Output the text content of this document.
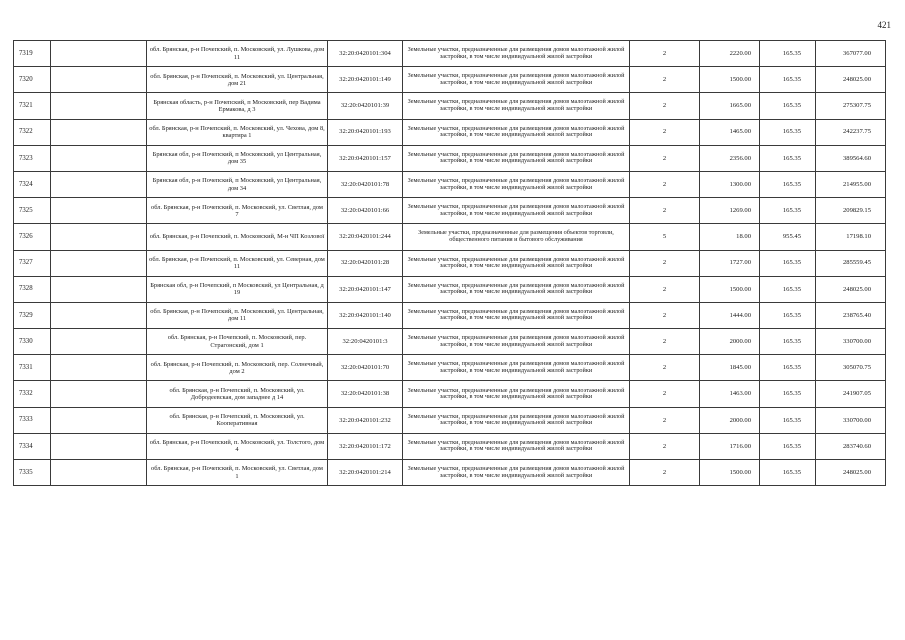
421
7319		обл. Брянская, р-н Почепский, п. Московский, ул. Лушкова, дом 11	32:20:0420101:304	Земельные участки, предназначенные для размещения домов малоэтажной жилой застройки, в том числе индивидуальной жилой застройки	2	2220.00	165.35	367077.00
7320		обл. Брянская, р-н Почепский, п. Московский, ул. Центральная, дом 21	32:20:0420101:149	Земельные участки, предназначенные для размещения домов малоэтажной жилой застройки, в том числе индивидуальной жилой застройки	2	1500.00	165.35	248025.00
7321		Брянская область, р-н Почепский, п Московский, пер Вадима Ермакова, д 3	32:20:0420101:39	Земельные участки, предназначенные для размещения домов малоэтажной жилой застройки, в том числе индивидуальной жилой застройки	2	1665.00	165.35	275307.75
7322		обл. Брянская, р-н Почепский, п. Московский, ул. Чехова, дом 8, квартира 1	32:20:0420101:193	Земельные участки, предназначенные для размещения домов малоэтажной жилой застройки, в том числе индивидуальной жилой застройки	2	1465.00	165.35	242237.75
7323		Брянская обл, р-н Почепский, п Московский, ул Центральная, дом 35	32:20:0420101:157	Земельные участки, предназначенные для размещения домов малоэтажной жилой застройки, в том числе индивидуальной жилой застройки	2	2356.00	165.35	389564.60
7324		Брянская обл, р-н Почепский, п Московский, ул Центральная, дом 34	32:20:0420101:78	Земельные участки, предназначенные для размещения домов малоэтажной жилой застройки, в том числе индивидуальной жилой застройки	2	1300.00	165.35	214955.00
7325		обл. Брянская, р-н Почепский, п. Московский, ул. Светлая, дом 7	32:20:0420101:66	Земельные участки, предназначенные для размещения домов малоэтажной жилой застройки, в том числе индивидуальной жилой застройки	2	1269.00	165.35	209829.15
7326		обл. Брянская, р-н Почепский, п. Московский, М-н ЧП Козлової	32:20:0420101:244	Земельные участки, предназначенные для размещения объектов торговли, общественного питания и бытового обслуживания	5	18.00	955.45	17198.10
7327		обл. Брянская, р-н Почепский, п. Московский, ул. Северная, дом 11	32:20:0420101:28	Земельные участки, предназначенные для размещения домов малоэтажной жилой застройки, в том числе индивидуальной жилой застройки	2	1727.00	165.35	285559.45
7328		Брянская обл, р-н Почепский, п Московский, ул Центральная, д 19	32:20:0420101:147	Земельные участки, предназначенные для размещения домов малоэтажной жилой застройки, в том числе индивидуальной жилой застройки	2	1500.00	165.35	248025.00
7329		обл. Брянская, р-н Почепский, п. Московский, ул. Центральная, дом 11	32:20:0420101:140	Земельные участки, предназначенные для размещения домов малоэтажной жилой застройки, в том числе индивидуальной жилой застройки	2	1444.00	165.35	238765.40
7330		обл. Брянская, р-н Почепский, п. Московский, пер. Страгонский, дом 1	32:20:0420101:3	Земельные участки, предназначенные для размещения домов малоэтажной жилой застройки, в том числе индивидуальной жилой застройки	2	2000.00	165.35	330700.00
7331		обл. Брянская, р-н Почепский, п. Московский, пер. Солнечный, дом 2	32:20:0420101:70	Земельные участки, предназначенные для размещения домов малоэтажной жилой застройки, в том числе индивидуальной жилой застройки	2	1845.00	165.35	305070.75
7332		обл. Брянская, р-н Почепский, п. Московский, ул. Добродеевская, дом западнее д 14	32:20:0420101:38	Земельные участки, предназначенные для размещения домов малоэтажной жилой застройки, в том числе индивидуальной жилой застройки	2	1463.00	165.35	241907.05
7333		обл. Брянская, р-н Почепский, п. Московский, ул. Кооперативная	32:20:0420101:232	Земельные участки, предназначенные для размещения домов малоэтажной жилой застройки, в том числе индивидуальной жилой застройки	2	2000.00	165.35	330700.00
7334		обл. Брянская, р-н Почепский, п. Московский, ул. Толстого, дом 4	32:20:0420101:172	Земельные участки, предназначенные для размещения домов малоэтажной жилой застройки, в том числе индивидуальной жилой застройки	2	1716.00	165.35	283740.60
7335		обл. Брянская, р-н Почепский, п. Московский, ул. Светлая, дом 1	32:20:0420101:214	Земельные участки, предназначенные для размещения домов малоэтажной жилой застройки, в том числе индивидуальной жилой застройки	2	1500.00	165.35	248025.00
